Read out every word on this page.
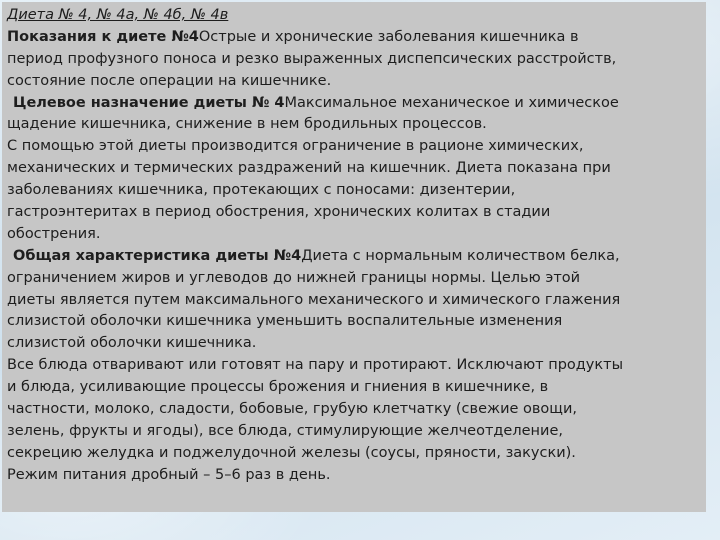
Диета № 4, № 4а, № 4б, № 4в
Показания к диете №4Острые и хронические заболевания кишечника в
период профузного поноса и резко выраженных диспепсических расстройств,
состояние после операции на кишечнике.
Целевое назначение диеты № 4Максимальное механическое и химическое
щадение кишечника, снижение в нем бродильных процессов.
С помощью этой диеты производится ограничение в рационе химических,
механических и термических раздражений на кишечник. Диета показана при
заболеваниях кишечника, протекающих с поносами: дизентерии,
гастроэнтеритах в период обострения, хронических колитах в стадии
обострения.
Общая характеристика диеты №4Диета с нормальным количеством белка,
ограничением жиров и углеводов до нижней границы нормы. Целью этой
диеты является путем максимального механического и химического глажения
слизистой оболочки кишечника уменьшить воспалительные изменения
слизистой оболочки кишечника.
Все блюда отваривают или готовят на пару и протирают. Исключают продукты
и блюда, усиливающие процессы брожения и гниения в кишечнике, в
частности, молоко, сладости, бобовые, грубую клетчатку (свежие овощи,
зелень, фрукты и ягоды), все блюда, стимулирующие желчеотделение,
секрецию желудка и поджелудочной железы (соусы, пряности, закуски).
Режим питания дробный – 5–6 раз в день.
